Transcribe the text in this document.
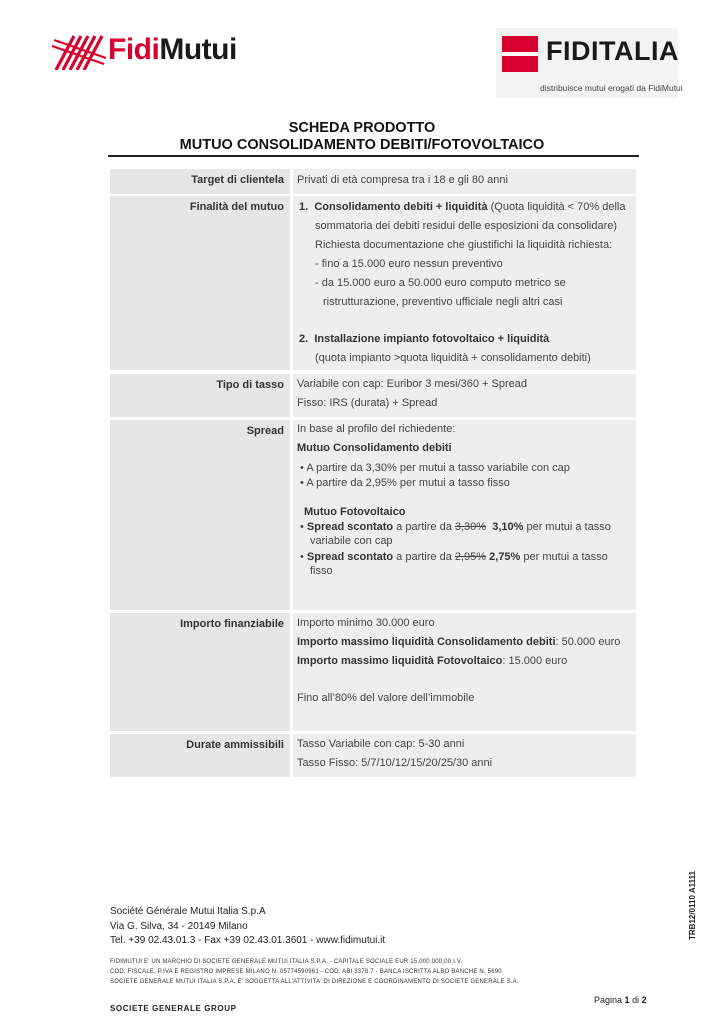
FidiMutui	FIDITALIA
distribuisce mutui erogati da FidiMutui
SCHEDA PRODOTTO
MUTUO CONSOLIDAMENTO DEBITI/FOTOVOLTAICO
Target di clientela Privati di età compresa tra i 18 e gli 80 anni
Finalità del mutuo 1. Consolidamento debiti + liquidità (Quota liquidità < 70% della
sommatoria dei debiti residui delle esposizioni da consolidare)
Richiesta documentazione che giustifichi la liquidità richiesta:
- fino a 15.000 euro nessun preventivo
- da 15.000 euro a 50.000 euro computo metrico se
ristrutturazione, preventivo ufficiale negli altri casi
2. Installazione impianto fotovoltaico + liquidità
(quota impianto >quota liquidità + consolidamento debiti)
Tipo di tasso Variabile con cap: Euribor 3 mesi/360 + Spread
Fisso: IRS (durata) + Spread
Spread In base al profilo del richiedente:
Mutuo Consolidamento debiti
• A partire da 3,30% per mutui a tasso variabile con cap
• A partire da 2,95% per mutui a tasso fisso
Mutuo Fotovoltaico
• Spread scontato a partire da 3,30% 3,10% per mutui a tasso
variabile con cap
• Spread scontato a partire da 2,95% 2,75% per mutui a tasso
fisso
Importo finanziabile Importo minimo 30.000 euro
Importo massimo liquidità Consolidamento debiti: 50.000 euro
Importo massimo liquidità Fotovoltaico: 15.000 euro
Fino all’80% del valore dell’immobile
Durate ammissibili Tasso Variabile con cap: 5-30 anni
Tasso Fisso: 5/7/10/12/15/20/25/30 anni
Société Générale Mutui Italia S.p.A
Via G. Silva, 34 - 20149 Milano
Tel. +39 02.43.01.3 - Fax +39 02.43.01.3601 - www.fidimutui.it
FIDIMUTUI E' UN MARCHIO DI SOCIETE GENERALE MUTUI ITALIA S.P.A. - CAPITALE SOCIALE EUR 15.000.000,00 I.V.
COD. FISCALE, P.IVA E REGISTRO IMPRESE MILANO N. 05774590961 - COD. ABI 3378.7 - BANCA ISCRITTA ALBO BANCHE N. 5690
SOCIETE GENERALE MUTUI ITALIA S.P.A. E' SOGGETTA ALL'ATTIVITA' DI DIREZIONE E COORDINAMENTO DI SOCIETE GENERALE S.A.
SOCIETE GENERALE GROUP
Pagina 1 di 2
TRB12/0110 A1111
